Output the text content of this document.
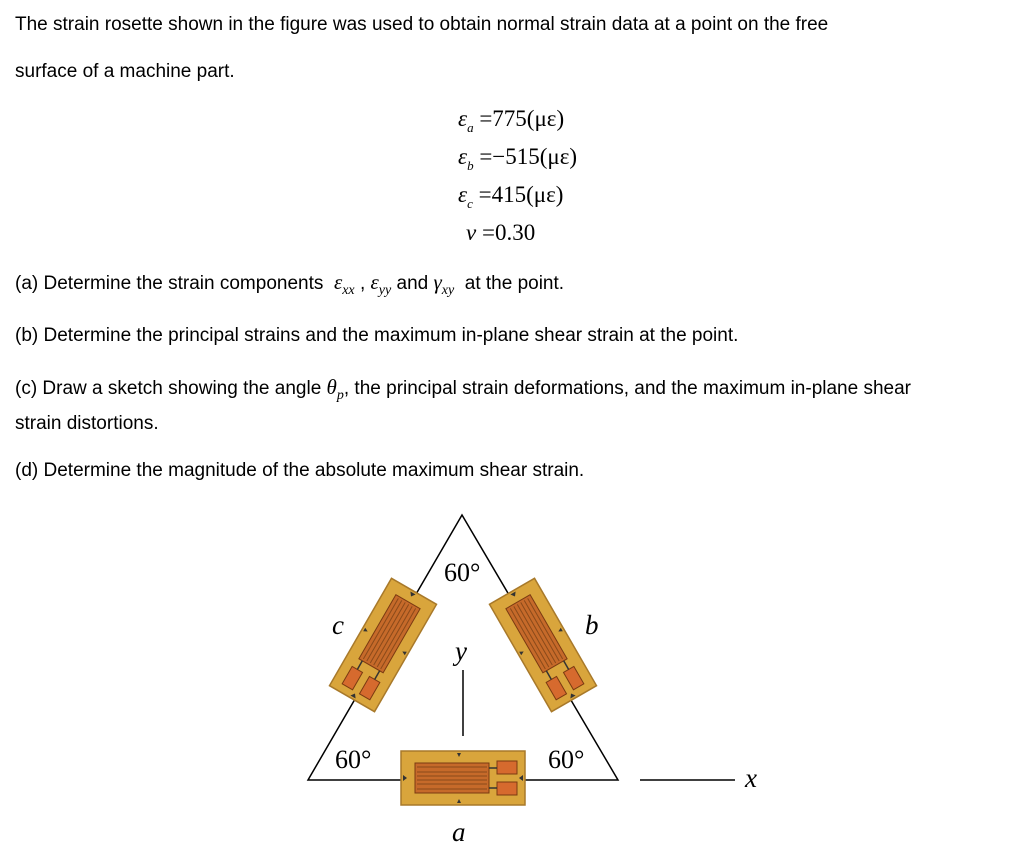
The strain rosette shown in the figure was used to obtain normal strain data at a point on the free
surface of a machine part.
$\varepsilon_a =775(\mu\varepsilon)$
$\varepsilon_b =-515(\mu\varepsilon)$
$\varepsilon_c =415(\mu\varepsilon)$
ν =0.30
(a) Determine the strain components $\varepsilon_{xx}$ , $\varepsilon_{yy}$ and $\gamma_{xy}$ at the point.
(b) Determine the principal strains and the maximum in-plane shear strain at the point.
(c) Draw a sketch showing the angle $\theta_p$, the principal strain deformations, and the maximum in-plane shear
strain distortions.
(d) Determine the magnitude of the absolute maximum shear strain.
60°
60°	60°
c	b
y
a
x
